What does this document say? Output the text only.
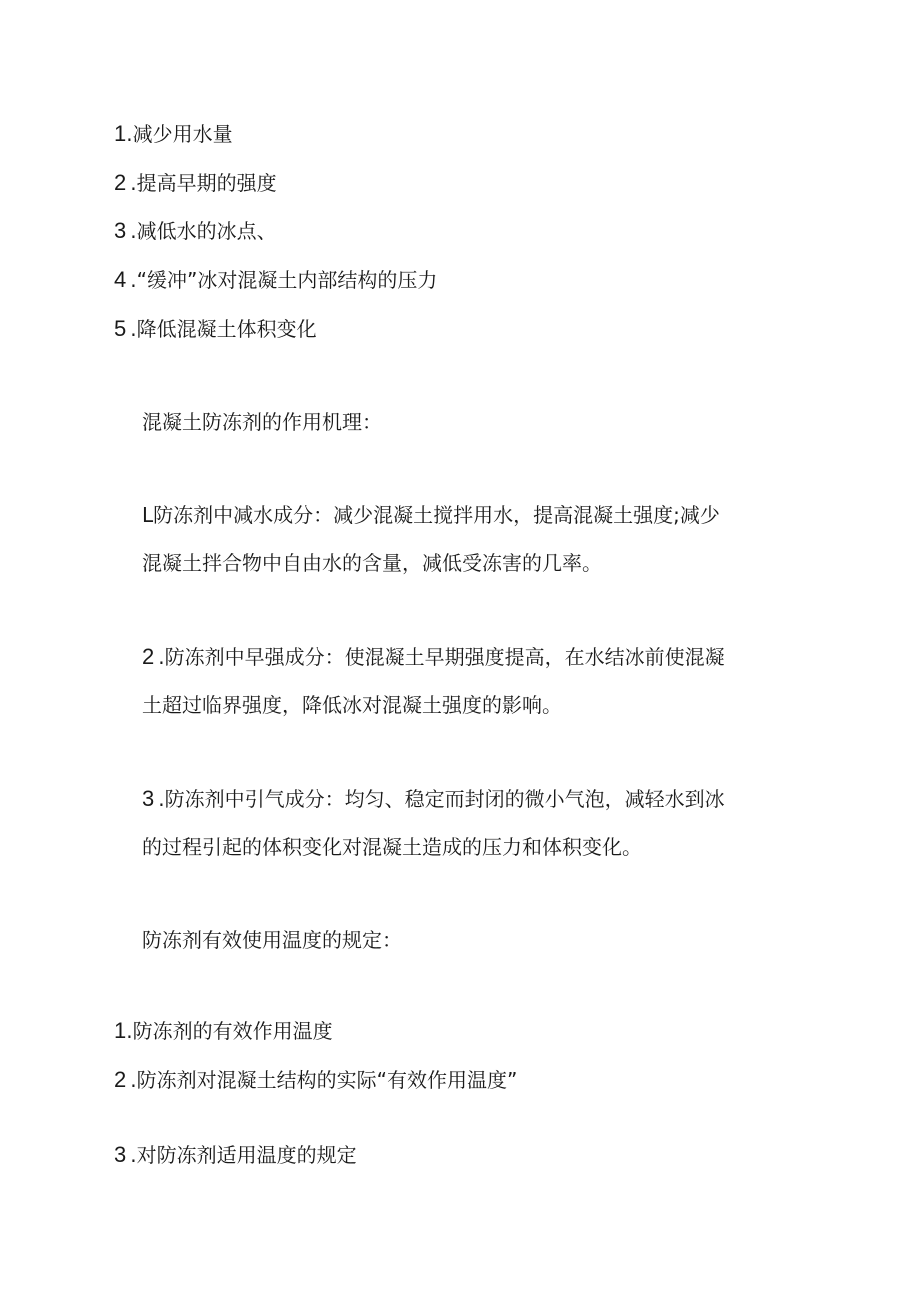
1.减少用水量
2 .提高早期的强度
3 .减低水的冰点、
4 .“缓冲”冰对混凝土内部结构的压力
5 .降低混凝土体积变化
混凝土防冻剂的作用机理：
L防冻剂中减水成分：减少混凝土搅拌用水，提高混凝土强度;减少
混凝土拌合物中自由水的含量，减低受冻害的几率。
2 .防冻剂中早强成分：使混凝土早期强度提高，在水结冰前使混凝
土超过临界强度，降低冰对混凝土强度的影响。
3 .防冻剂中引气成分：均匀、稳定而封闭的微小气泡，减轻水到冰
的过程引起的体积变化对混凝土造成的压力和体积变化。
防冻剂有效使用温度的规定：
1.防冻剂的有效作用温度
2 .防冻剂对混凝土结构的实际“有效作用温度”
3 .对防冻剂适用温度的规定
